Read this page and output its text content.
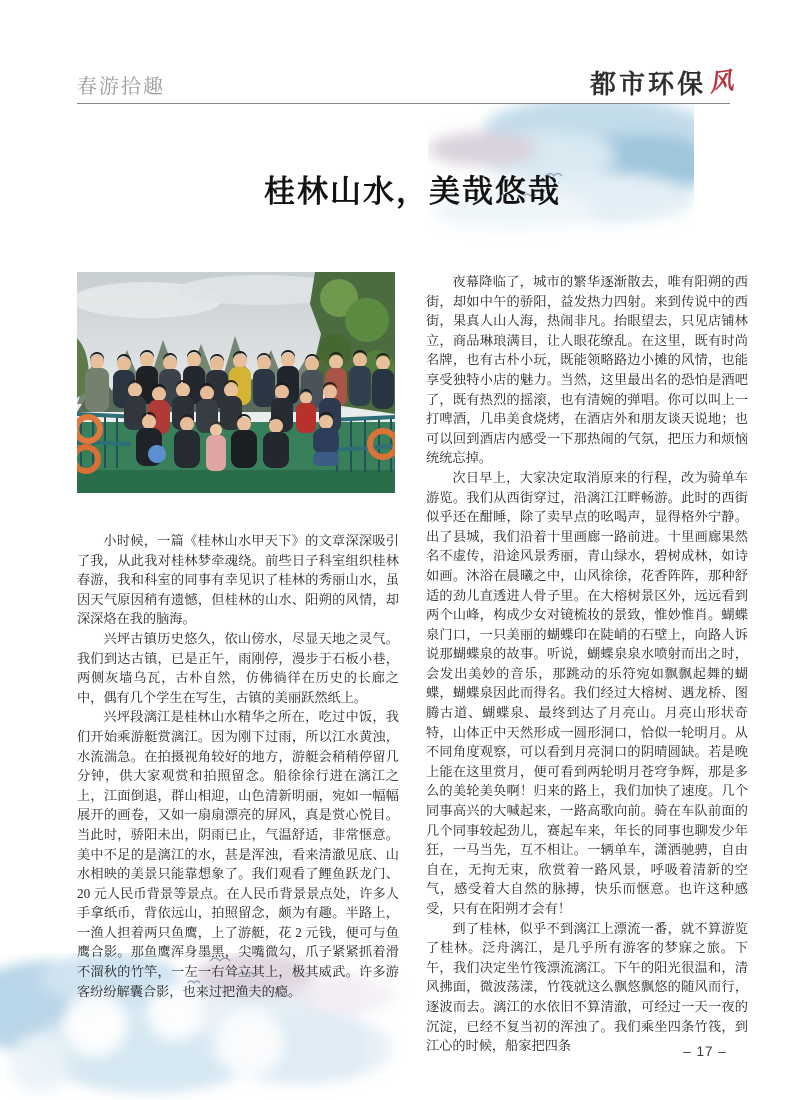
春游拾趣	都市环保 风
桂林山水，美哉悠哉

小时候，一篇《桂林山水甲天下》的文章深深吸引了我，从此我对桂林梦牵魂绕。前些日子科室组织桂林春游，我和科室的同事有幸见识了桂林的秀丽山水，虽因天气原因稍有遗憾，但桂林的山水、阳朔的风情，却深深烙在我的脑海。

兴坪古镇历史悠久，依山傍水，尽显天地之灵气。我们到达古镇，已是正午，雨刚停，漫步于石板小巷，两侧灰墙乌瓦，古朴自然，仿佛徜徉在历史的长廊之中，偶有几个学生在写生，古镇的美丽跃然纸上。

兴坪段漓江是桂林山水精华之所在，吃过中饭，我们开始乘游艇赏漓江。因为刚下过雨，所以江水黄浊，水流湍急。在拍摄视角较好的地方，游艇会稍稍停留几分钟，供大家观赏和拍照留念。船徐徐行进在漓江之上，江面倒退，群山相迎，山色清新明丽，宛如一幅幅展开的画卷，又如一扇扇漂亮的屏风，真是赏心悦目。当此时，骄阳未出，阴雨已止，气温舒适，非常惬意。美中不足的是漓江的水，甚是浑浊，看来清澈见底、山水相映的美景只能靠想象了。我们观看了鲤鱼跃龙门、20 元人民币背景等景点。在人民币背景景点处，许多人手拿纸币，背依远山，拍照留念，颇为有趣。半路上，一渔人担着两只鱼鹰，上了游艇，花 2 元钱，便可与鱼鹰合影。那鱼鹰浑身墨黑，尖嘴微勾，爪子紧紧抓着滑不溜秋的竹竿，一左一右耸立其上，极其威武。许多游客纷纷解囊合影，也来过把渔夫的瘾。

夜幕降临了，城市的繁华逐渐散去，唯有阳朔的西街，却如中午的骄阳，益发热力四射。来到传说中的西街，果真人山人海，热闹非凡。抬眼望去，只见店铺林立，商品琳琅满目，让人眼花缭乱。在这里，既有时尚名牌，也有古朴小玩，既能领略路边小摊的风情，也能享受独特小店的魅力。当然，这里最出名的恐怕是酒吧了，既有热烈的摇滚，也有清婉的弹唱。你可以叫上一打啤酒，几串美食烧烤，在酒店外和朋友谈天说地；也可以回到酒店内感受一下那热闹的气氛，把压力和烦恼统统忘掉。

次日早上，大家决定取消原来的行程，改为骑单车游览。我们从西街穿过，沿漓江江畔畅游。此时的西街似乎还在酣睡，除了卖早点的吆喝声，显得格外宁静。出了县城，我们沿着十里画廊一路前进。十里画廊果然名不虚传，沿途风景秀丽，青山绿水，碧树成林，如诗如画。沐浴在晨曦之中，山风徐徐，花香阵阵，那种舒适的劲儿直透进人骨子里。在大榕树景区外，远远看到两个山峰，构成少女对镜梳妆的景致，惟妙惟肖。蝴蝶泉门口，一只美丽的蝴蝶印在陡峭的石壁上，向路人诉说那蝴蝶泉的故事。听说，蝴蝶泉泉水喷射而出之时，会发出美妙的音乐，那跳动的乐符宛如飘飘起舞的蝴蝶，蝴蝶泉因此而得名。我们经过大榕树、遇龙桥、图腾古道、蝴蝶泉、最终到达了月亮山。月亮山形状奇特，山体正中天然形成一圆形洞口，恰似一轮明月。从不同角度观察，可以看到月亮洞口的阴晴圆缺。若是晚上能在这里赏月，便可看到两轮明月苍穹争辉，那是多么的美轮美奂啊！归来的路上，我们加快了速度。几个同事高兴的大喊起来，一路高歌向前。骑在车队前面的几个同事较起劲儿，赛起车来，年长的同事也聊发少年狂，一马当先，互不相让。一辆单车，潇洒驰骋，自由自在，无拘无束，欣赏着一路风景，呼吸着清新的空气，感受着大自然的脉搏，快乐而惬意。也许这种感受，只有在阳朔才会有！

到了桂林，似乎不到漓江上漂流一番，就不算游览了桂林。泛舟漓江，是几乎所有游客的梦寐之旅。下午，我们决定坐竹筏漂流漓江。下午的阳光很温和，清风拂面，微波荡漾，竹筏就这么飘悠飘悠的随风而行，逐波而去。漓江的水依旧不算清澈，可经过一天一夜的沉淀，已经不复当初的浑浊了。我们乘坐四条竹筏，到江心的时候，船家把四条	– 17 –
